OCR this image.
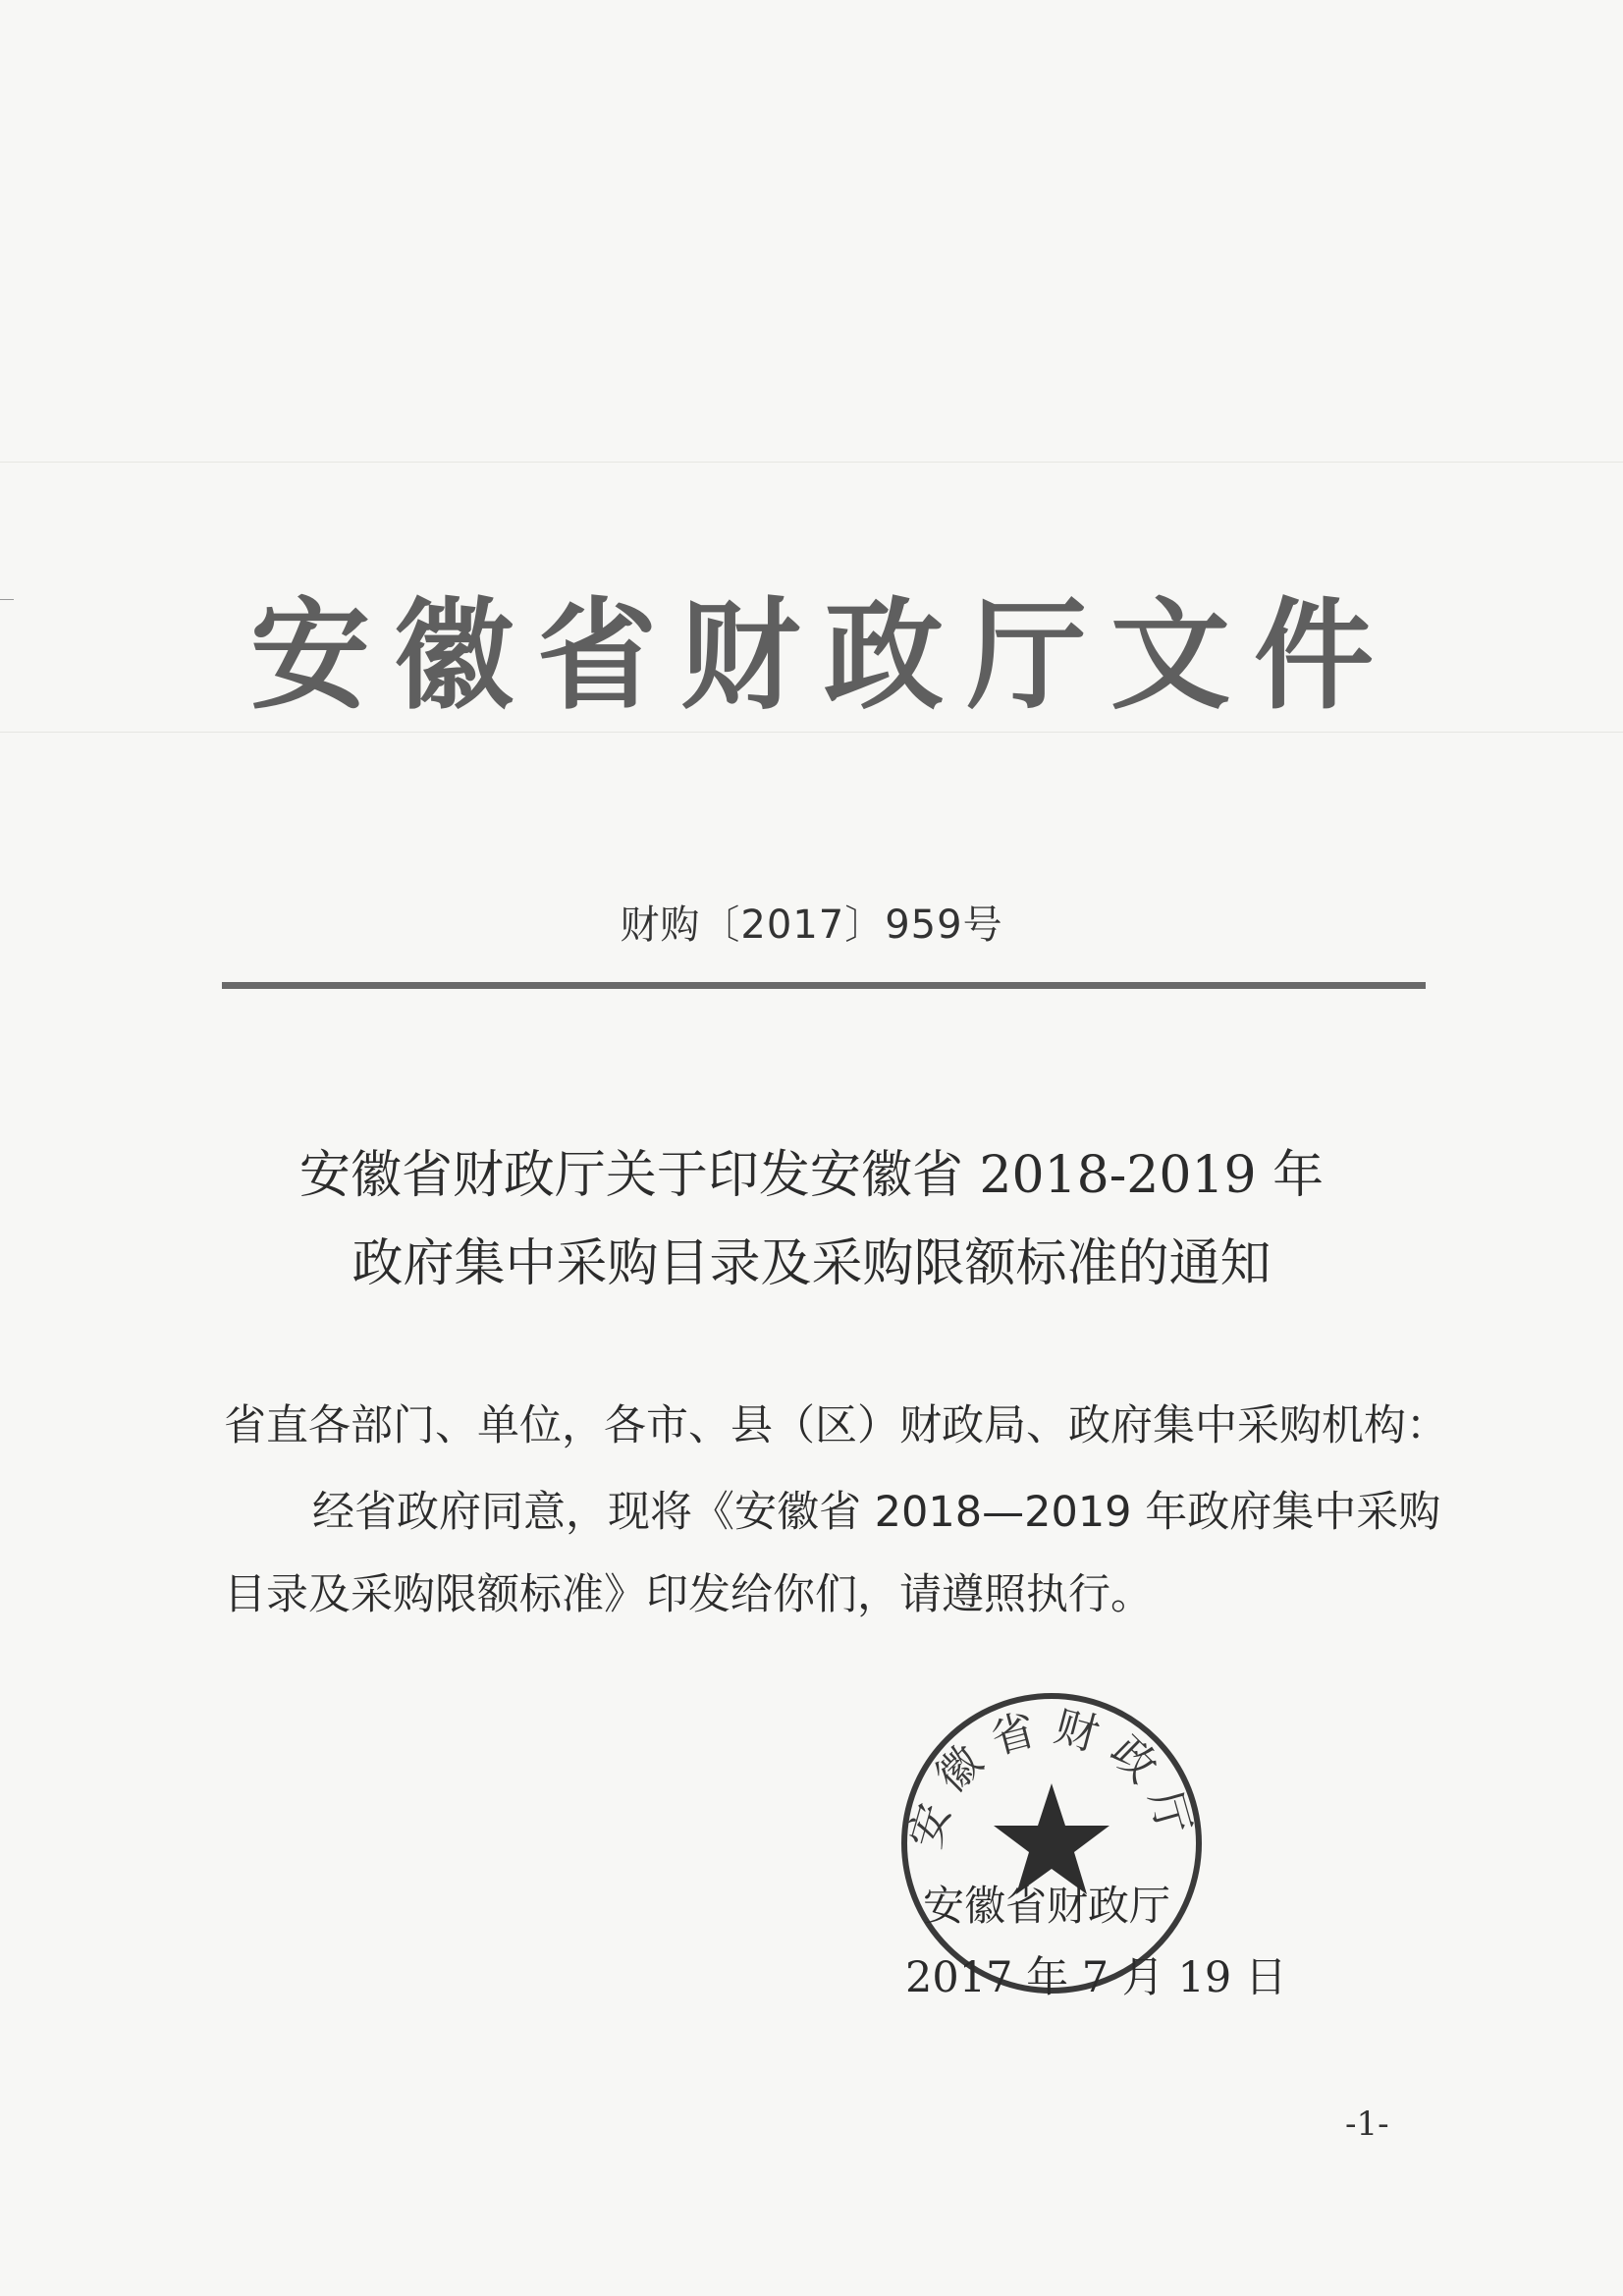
安徽省财政厅文件
财购〔2017〕959号
安徽省财政厅关于印发安徽省 2018-2019 年
政府集中采购目录及采购限额标准的通知
省直各部门、单位，各市、县（区）财政局、政府集中采购机构：
经省政府同意，现将《安徽省 2018—2019 年政府集中采购
目录及采购限额标准》印发给你们，请遵照执行。
安徽省财政厅
安徽省财政厅
2017 年 7 月 19 日
-1-
